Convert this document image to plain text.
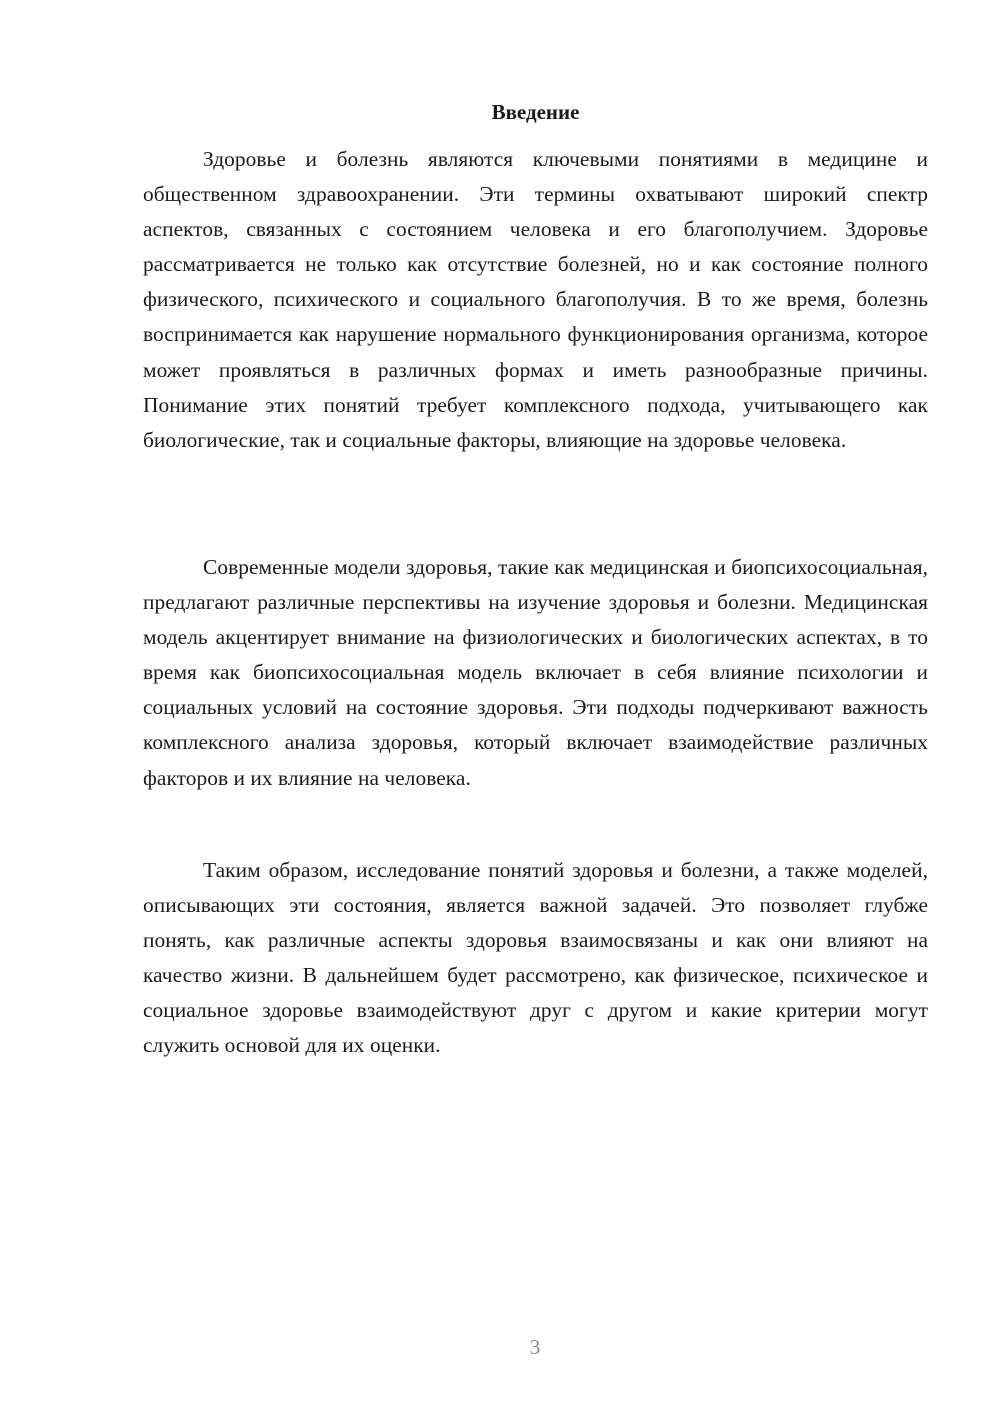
Введение

Здоровье и болезнь являются ключевыми понятиями в медицине и общественном здравоохранении. Эти термины охватывают широкий спектр аспектов, связанных с состоянием человека и его благополучием. Здоровье рассматривается не только как отсутствие болезней, но и как состояние полного физического, психического и социального благополучия. В то же время, болезнь воспринимается как нарушение нормального функционирования организма, которое может проявляться в различных формах и иметь разнообразные причины. Понимание этих понятий требует комплексного подхода, учитывающего как биологические, так и социальные факторы, влияющие на здоровье человека.

Современные модели здоровья, такие как медицинская и биопсихосоциальная, предлагают различные перспективы на изучение здоровья и болезни. Медицинская модель акцентирует внимание на физиологических и биологических аспектах, в то время как биопсихосоциальная модель включает в себя влияние психологии и социальных условий на состояние здоровья. Эти подходы подчеркивают важность комплексного анализа здоровья, который включает взаимодействие различных факторов и их влияние на человека.

Таким образом, исследование понятий здоровья и болезни, а также моделей, описывающих эти состояния, является важной задачей. Это позволяет глубже понять, как различные аспекты здоровья взаимосвязаны и как они влияют на качество жизни. В дальнейшем будет рассмотрено, как физическое, психическое и социальное здоровье взаимодействуют друг с другом и какие критерии могут служить основой для их оценки.

3
